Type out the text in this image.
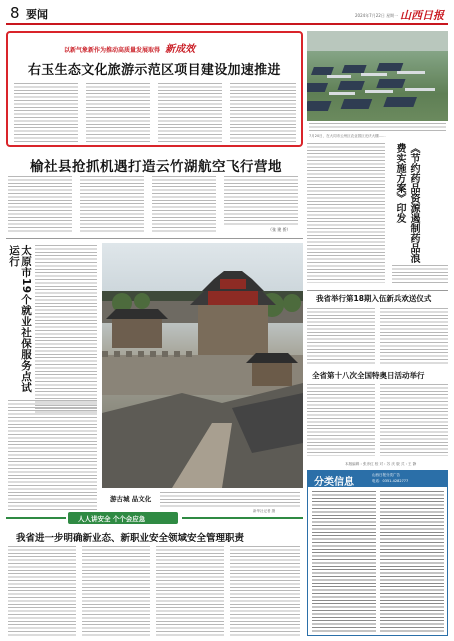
8 要闻	2024年7月22日 星期一 山西日报
以新气象新作为推动高质量发展取得 新成效
右玉生态文化旅游示范区项目建设加速推进
7月20日，在大同市云州区农业园区光伏大棚……
榆社县抢抓机遇打造云竹湖航空飞行营地
（张 建 侨）	《节约药品资源遏制药品浪费实施方案》印发
太原市19个就业社保服务点试运行
游古城 品文化
新华社记者 摄
我省举行第18期入伍新兵欢送仪式
全省第十八次全国特奥日活动举行
本版编辑 : 张彦红 校 对 : 苏 庆 版 式 : 王 静
分类信息
山西日报分类广告
电话：0351-4282777
人人讲安全 个个会应急
我省进一步明确新业态、新职业安全领域安全管理职责
